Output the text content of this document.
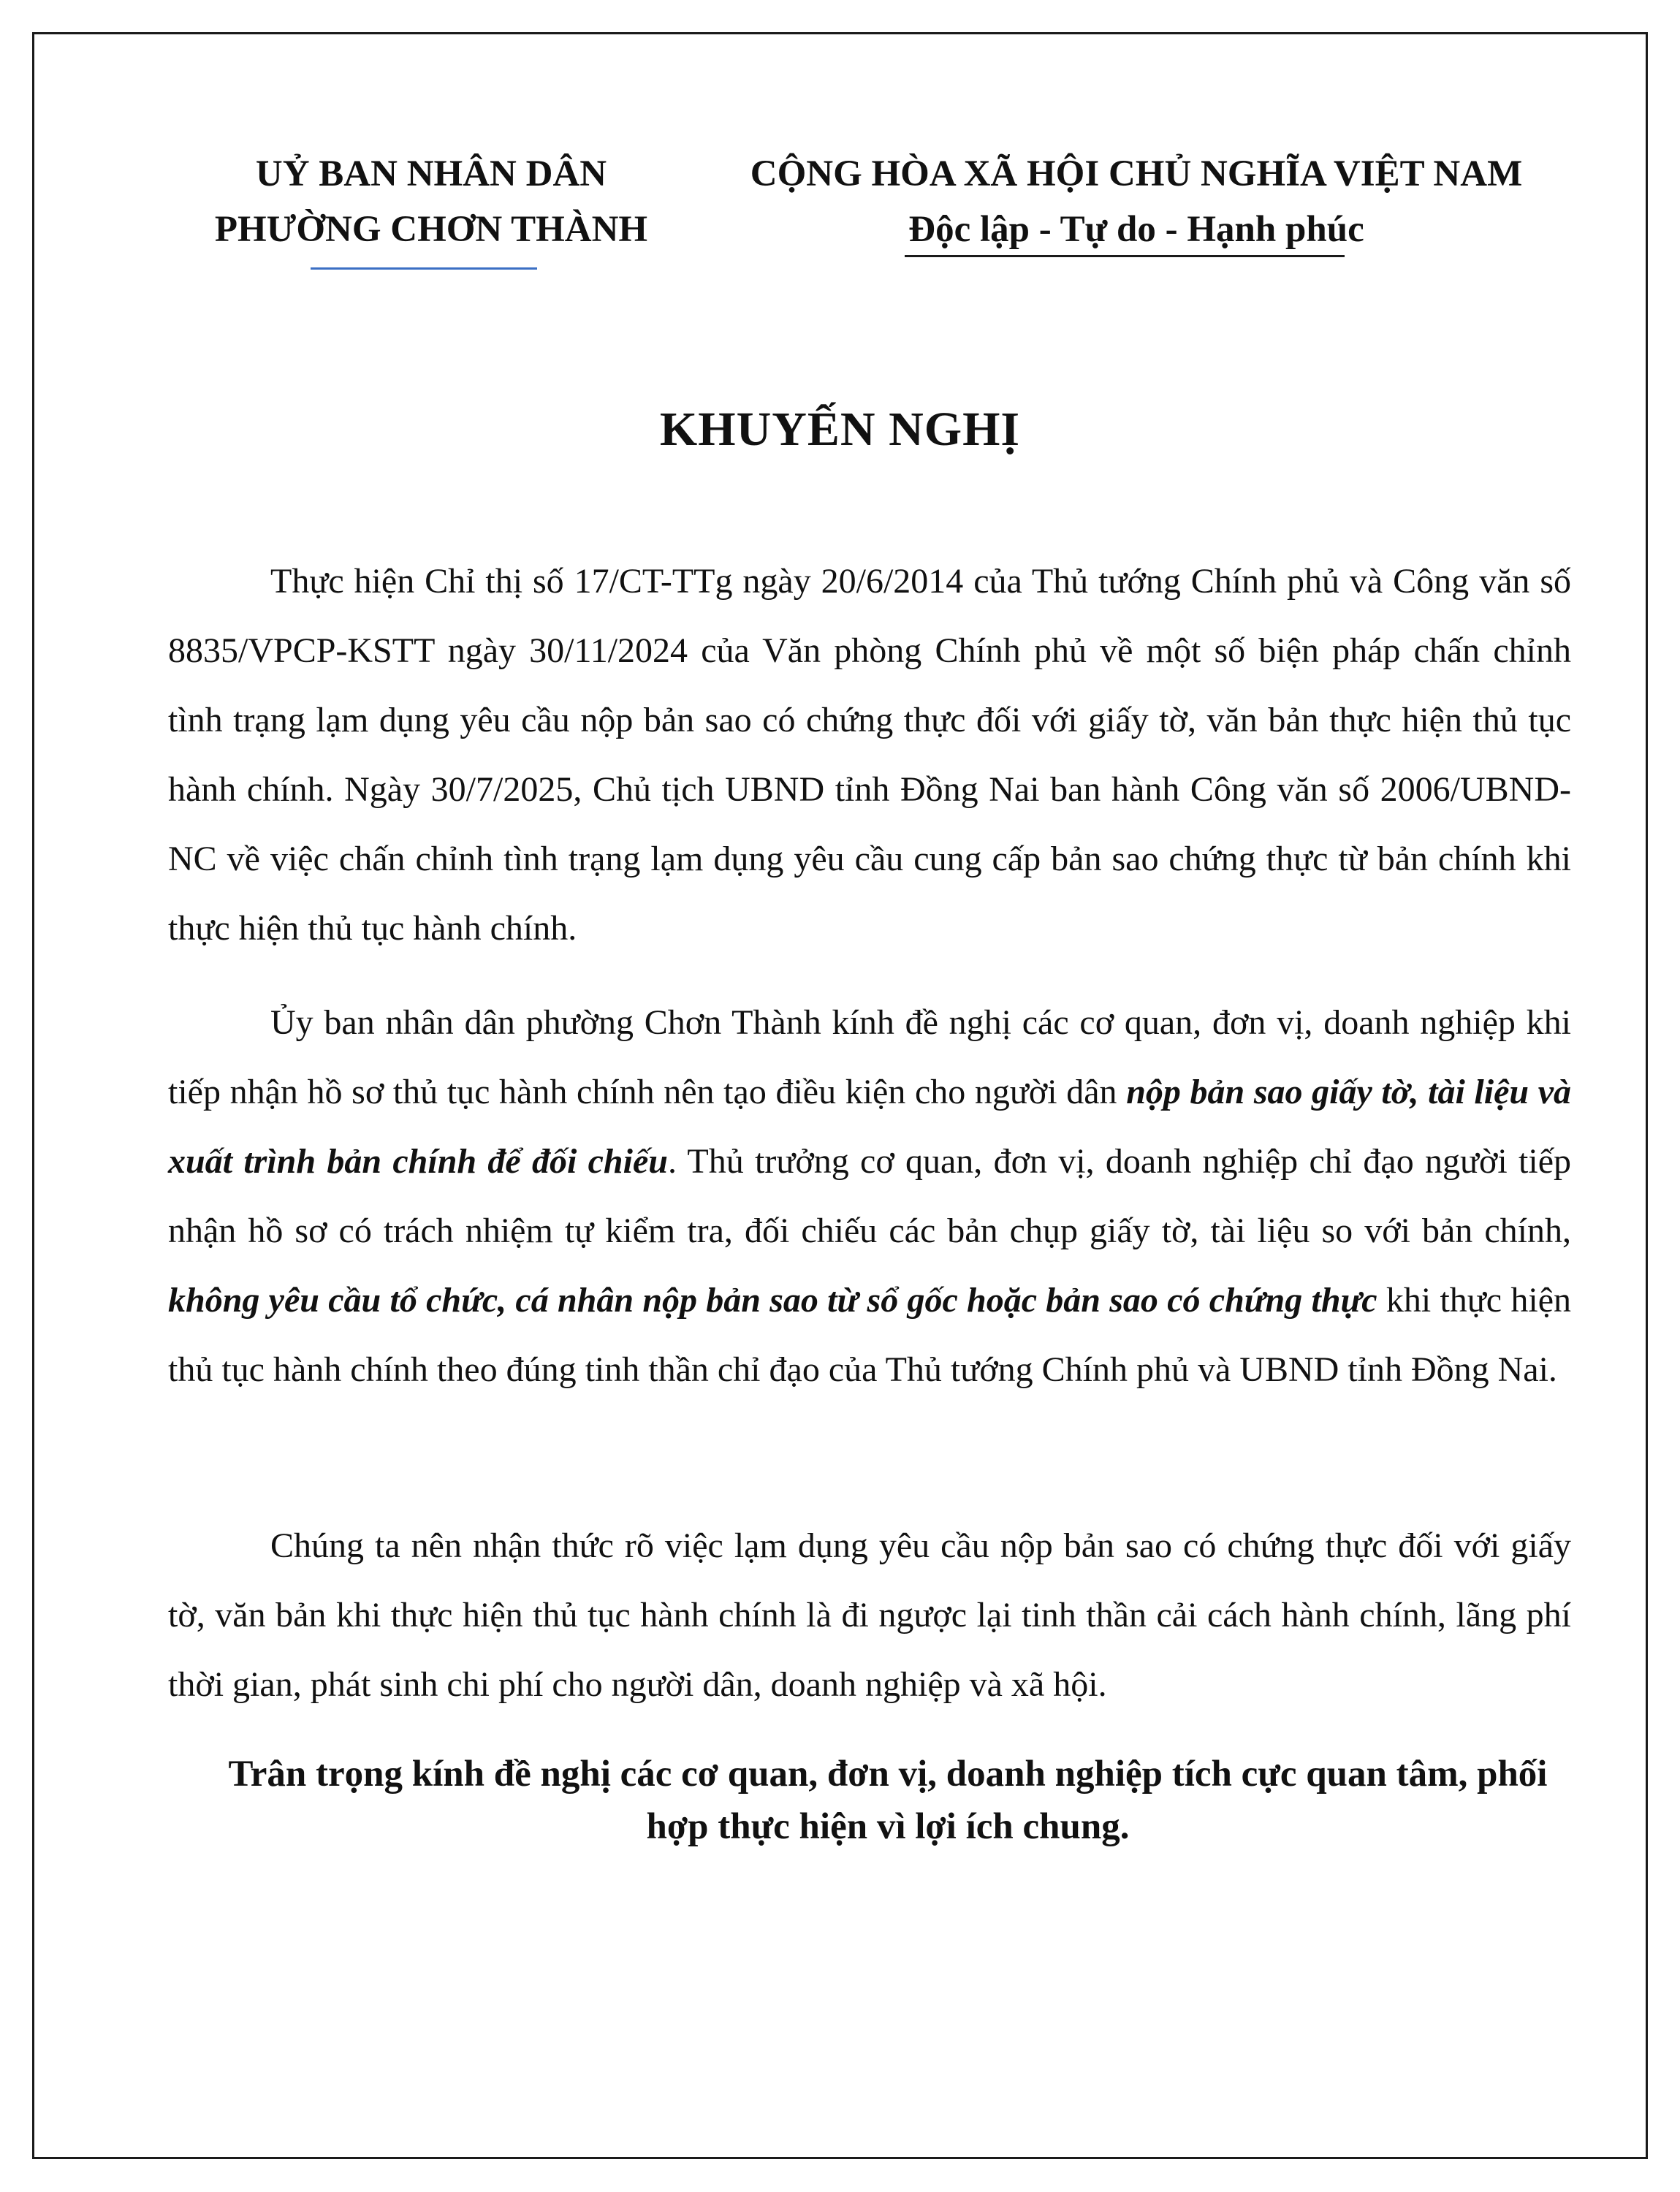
UỶ BAN NHÂN DÂN
PHƯỜNG CHƠN THÀNH
CỘNG HÒA XÃ HỘI CHỦ NGHĨA VIỆT NAM
Độc lập - Tự do - Hạnh phúc
KHUYẾN NGHỊ
Thực hiện Chỉ thị số 17/CT-TTg ngày 20/6/2014 của Thủ tướng Chính phủ và Công văn số 8835/VPCP-KSTT ngày 30/11/2024 của Văn phòng Chính phủ về một số biện pháp chấn chỉnh tình trạng lạm dụng yêu cầu nộp bản sao có chứng thực đối với giấy tờ, văn bản thực hiện thủ tục hành chính. Ngày 30/7/2025, Chủ tịch UBND tỉnh Đồng Nai ban hành Công văn số 2006/UBND-NC về việc chấn chỉnh tình trạng lạm dụng yêu cầu cung cấp bản sao chứng thực từ bản chính khi thực hiện thủ tục hành chính.
Ủy ban nhân dân phường Chơn Thành kính đề nghị các cơ quan, đơn vị, doanh nghiệp khi tiếp nhận hồ sơ thủ tục hành chính nên tạo điều kiện cho người dân nộp bản sao giấy tờ, tài liệu và xuất trình bản chính để đối chiếu. Thủ trưởng cơ quan, đơn vị, doanh nghiệp chỉ đạo người tiếp nhận hồ sơ có trách nhiệm tự kiểm tra, đối chiếu các bản chụp giấy tờ, tài liệu so với bản chính, không yêu cầu tổ chức, cá nhân nộp bản sao từ sổ gốc hoặc bản sao có chứng thực khi thực hiện thủ tục hành chính theo đúng tinh thần chỉ đạo của Thủ tướng Chính phủ và UBND tỉnh Đồng Nai.
Chúng ta nên nhận thức rõ việc lạm dụng yêu cầu nộp bản sao có chứng thực đối với giấy tờ, văn bản khi thực hiện thủ tục hành chính là đi ngược lại tinh thần cải cách hành chính, lãng phí thời gian, phát sinh chi phí cho người dân, doanh nghiệp và xã hội.
Trân trọng kính đề nghị các cơ quan, đơn vị, doanh nghiệp tích cực quan tâm, phối hợp thực hiện vì lợi ích chung.
